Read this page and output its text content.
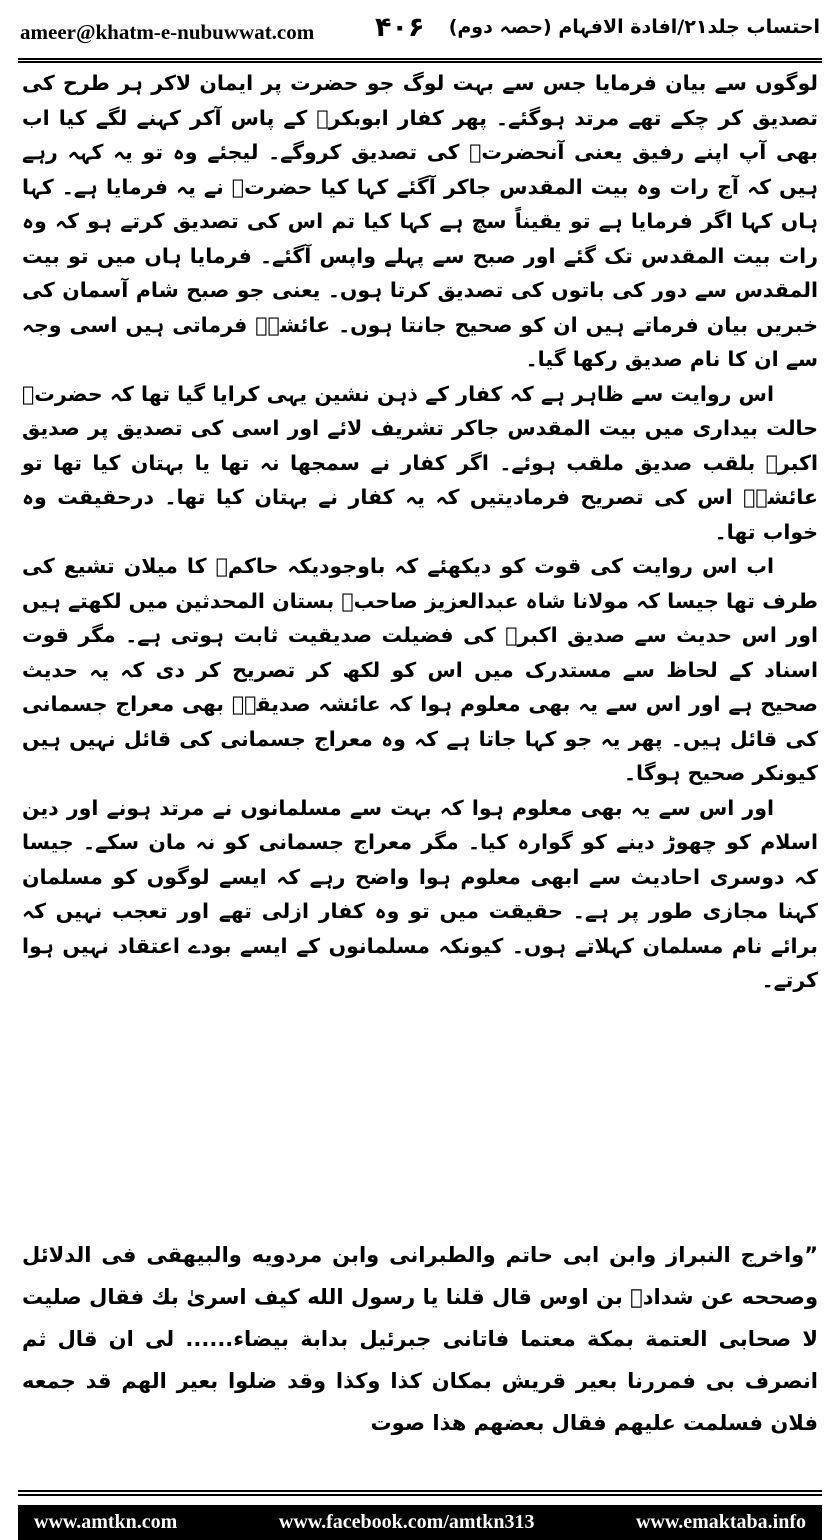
ameer@khatm-e-nubuwwat.com ۴۰۶ احتساب جلد۲۱/افادة الافہام (حصہ دوم)

لوگوں سے بیان فرمایا جس سے بہت لوگ جو حضرت پر ایمان لاکر ہر طرح کی تصدیق کر چکے تھے مرتد ہوگئے۔ پھر کفار ابوبکرؓ کے پاس آکر کہنے لگے کیا اب بھی آپ اپنے رفیق یعنی آنحضرتﷺ کی تصدیق کروگے۔ لیجئے وہ تو یہ کہہ رہے ہیں کہ آج رات وہ بیت المقدس جاکر آگئے کہا کیا حضرتﷺ نے یہ فرمایا ہے۔ کہا ہاں کہا اگر فرمایا ہے تو یقیناً سچ ہے کہا کیا تم اس کی تصدیق کرتے ہو کہ وہ رات بیت المقدس تک گئے اور صبح سے پہلے واپس آگئے۔ فرمایا ہاں میں تو بیت المقدس سے دور کی باتوں کی تصدیق کرتا ہوں۔ یعنی جو صبح شام آسمان کی خبریں بیان فرماتے ہیں ان کو صحیح جانتا ہوں۔ عائشہؓ فرماتی ہیں اسی وجہ سے ان کا نام صدیق رکھا گیا۔

اس روایت سے ظاہر ہے کہ کفار کے ذہن نشین یہی کرایا گیا تھا کہ حضرتﷺ حالت بیداری میں بیت المقدس جاکر تشریف لائے اور اسی کی تصدیق پر صدیق اکبرؓ بلقب صدیق ملقب ہوئے۔ اگر کفار نے سمجھا نہ تھا یا بہتان کیا تھا تو عائشہؓ اس کی تصریح فرمادیتیں کہ یہ کفار نے بہتان کیا تھا۔ درحقیقت وہ خواب تھا۔

اب اس روایت کی قوت کو دیکھئے کہ باوجودیکہ حاکمؒ کا میلان تشیع کی طرف تھا جیسا کہ مولانا شاہ عبدالعزیز صاحبؒ بستان المحدثین میں لکھتے ہیں اور اس حدیث سے صدیق اکبرؓ کی فضیلت صدیقیت ثابت ہوتی ہے۔ مگر قوت اسناد کے لحاظ سے مستدرک میں اس کو لکھ کر تصریح کر دی کہ یہ حدیث صحیح ہے اور اس سے یہ بھی معلوم ہوا کہ عائشہ صدیقہؓ بھی معراج جسمانی کی قائل ہیں۔ پھر یہ جو کہا جاتا ہے کہ وہ معراج جسمانی کی قائل نہیں ہیں کیونکر صحیح ہوگا۔

اور اس سے یہ بھی معلوم ہوا کہ بہت سے مسلمانوں نے مرتد ہونے اور دین اسلام کو چھوڑ دینے کو گوارہ کیا۔ مگر معراج جسمانی کو نہ مان سکے۔ جیسا کہ دوسری احادیث سے ابھی معلوم ہوا واضح رہے کہ ایسے لوگوں کو مسلمان کہنا مجازی طور پر ہے۔ حقیقت میں تو وہ کفار ازلی تھے اور تعجب نہیں کہ برائے نام مسلمان کہلاتے ہوں۔ کیونکہ مسلمانوں کے ایسے بودے اعتقاد نہیں ہوا کرتے۔

”واخرج النبراز وابن ابی حاتم والطبرانی وابن مردویه والبیهقی فی الدلائل وصححه عن شدادؓ بن اوس قال قلنا یا رسول الله کیف اسریٰ بك فقال صلیت لا صحابی العتمة بمکة معتما فاتانی جبرئیل بدابة بیضاء...... لی ان قال ثم انصرف بی فمررنا بعیر قریش بمکان کذا وکذا وقد ضلوا بعیر الهم قد جمعه فلان فسلمت علیهم فقال بعضهم هذا صوت
www.amtkn.com	www.facebook.com/amtkn313	www.emaktaba.info
